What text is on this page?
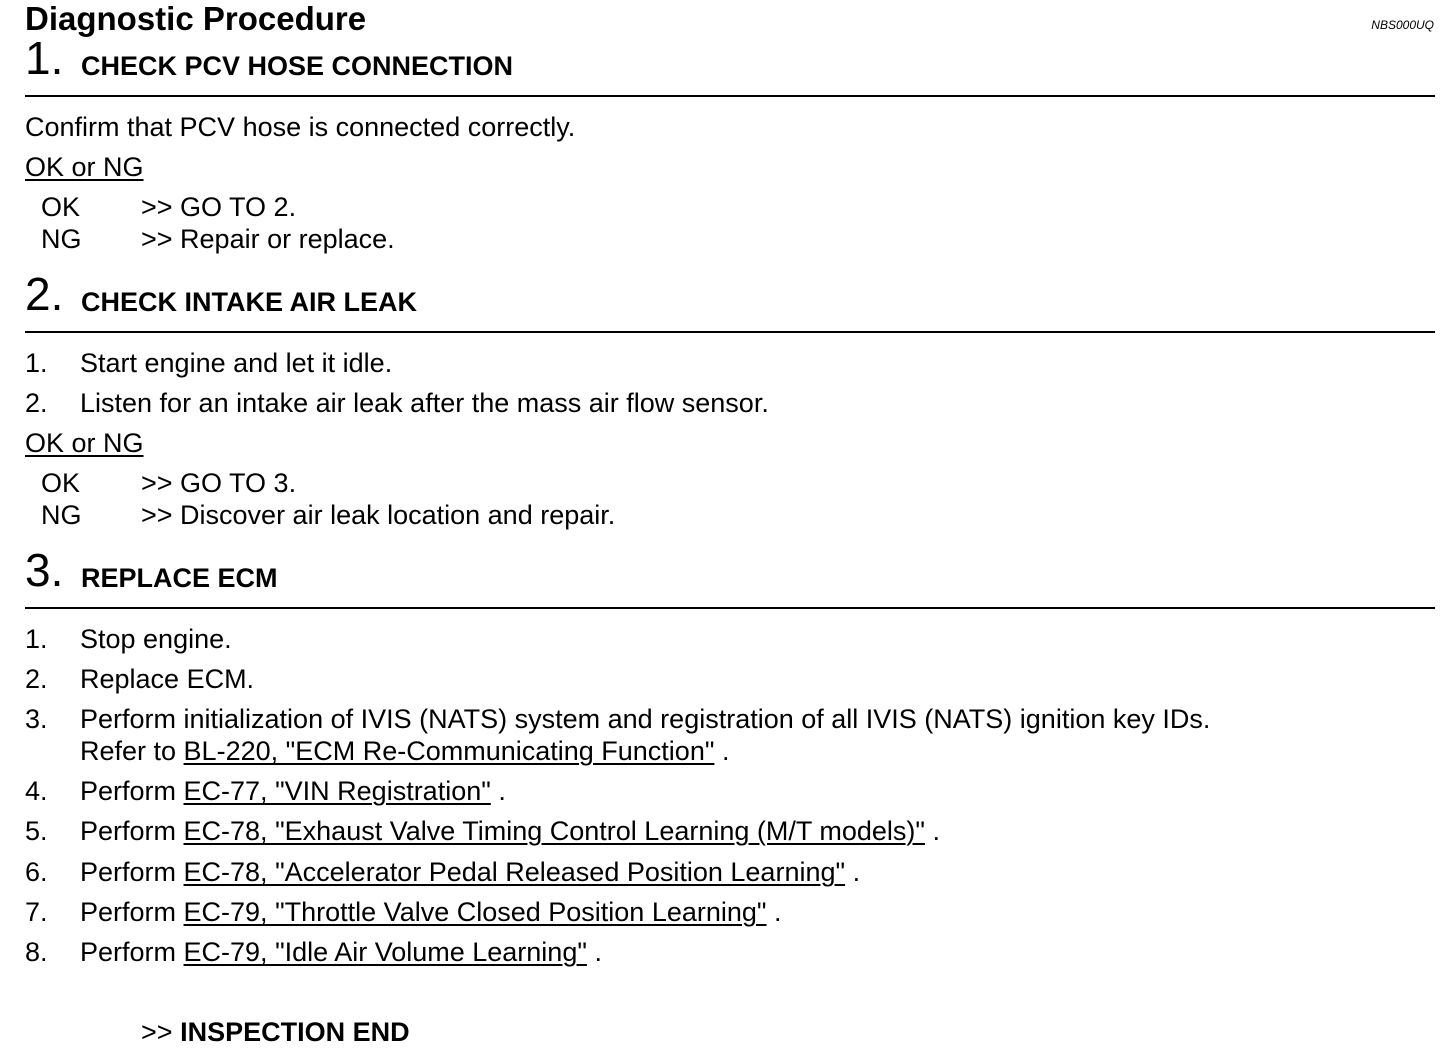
Diagnostic Procedure	NBS000UQ
1. CHECK PCV HOSE CONNECTION
Confirm that PCV hose is connected correctly.
OK or NG
OK >> GO TO 2.
NG >> Repair or replace.
2. CHECK INTAKE AIR LEAK
1. Start engine and let it idle.
2. Listen for an intake air leak after the mass air flow sensor.
OK or NG
OK >> GO TO 3.
NG >> Discover air leak location and repair.
3. REPLACE ECM
1. Stop engine.
2. Replace ECM.
3. Perform initialization of IVIS (NATS) system and registration of all IVIS (NATS) ignition key IDs.
Refer to BL-220, "ECM Re-Communicating Function" .
4. Perform EC-77, "VIN Registration" .
5. Perform EC-78, "Exhaust Valve Timing Control Learning (M/T models)" .
6. Perform EC-78, "Accelerator Pedal Released Position Learning" .
7. Perform EC-79, "Throttle Valve Closed Position Learning" .
8. Perform EC-79, "Idle Air Volume Learning" .
>> INSPECTION END
